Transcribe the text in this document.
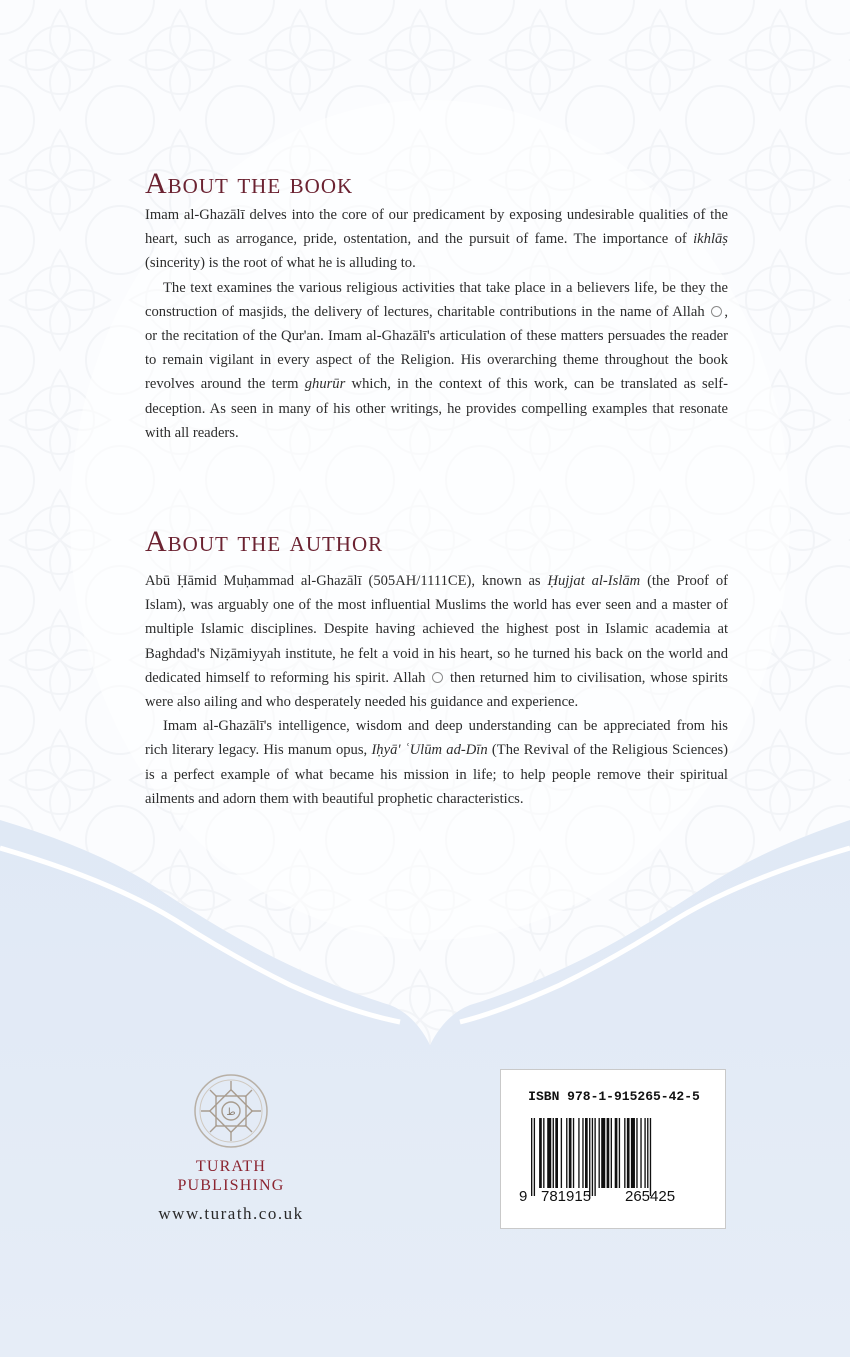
About the book

Imam al-Ghazālī delves into the core of our predicament by exposing undesirable qualities of the heart, such as arrogance, pride, ostentation, and the pursuit of fame. The importance of ikhlāṣ (sincerity) is the root of what he is alluding to.

The text examines the various religious activities that take place in a believers life, be they the construction of masjids, the delivery of lectures, charitable contributions in the name of Allah , or the recitation of the Qur'an. Imam al-Ghazālī's articulation of these matters persuades the reader to remain vigilant in every aspect of the Religion. His overarching theme throughout the book revolves around the term ghurūr which, in the context of this work, can be translated as self-deception. As seen in many of his other writings, he provides compelling examples that resonate with all readers.

About the author

Abū Ḥāmid Muḥammad al-Ghazālī (505AH/1111CE), known as Ḥujjat al-Islām (the Proof of Islam), was arguably one of the most influential Muslims the world has ever seen and a master of multiple Islamic disciplines. Despite having achieved the highest post in Islamic academia at Baghdad's Niẓāmiyyah institute, he felt a void in his heart, so he turned his back on the world and dedicated himself to reforming his spirit. Allah then returned him to civilisation, whose spirits were also ailing and who desperately needed his guidance and experience.

Imam al-Ghazālī's intelligence, wisdom and deep understanding can be appreciated from his rich literary legacy. His manum opus, Iḥyā' ʿUlūm ad-Dīn (The Revival of the Religious Sciences) is a perfect example of what became his mission in life; to help people remove their spiritual ailments and adorn them with beautiful prophetic characteristics.

ط
TURATH
PUBLISHING
www.turath.co.uk
ISBN 978-1-915265-42-5
9 781915 265425
